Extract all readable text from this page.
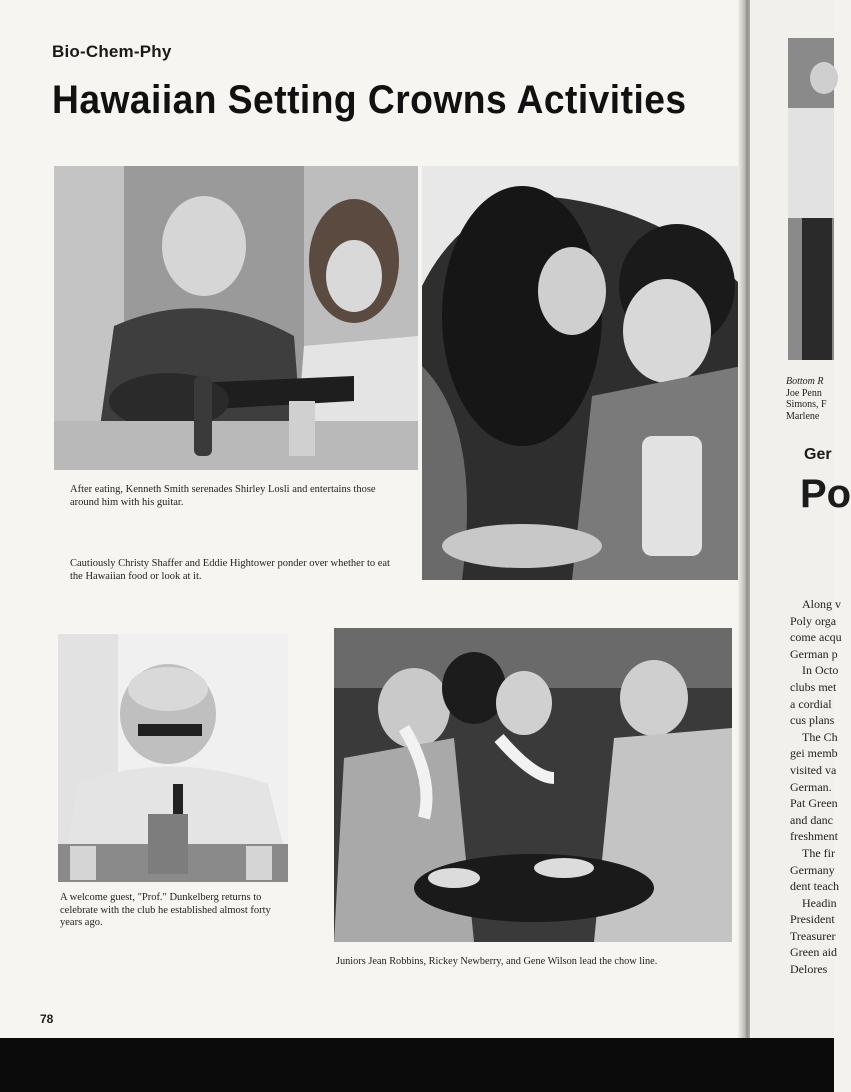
Bio-Chem-Phy
Hawaiian Setting Crowns Activities
After eating, Kenneth Smith serenades Shirley Losli and entertains those around him with his guitar.
Cautiously Christy Shaffer and Eddie Hightower ponder over whether to eat the Hawaiian food or look at it.
A welcome guest, "Prof." Dunkelberg returns to celebrate with the club he established almost forty years ago.
Juniors Jean Robbins, Rickey Newberry, and Gene Wilson lead the chow line.
78
Bottom R
Joe Penn
Simons, F
Marlene
Ger
Po
Along v
Poly orga
come acqu
German p
In Octo
clubs met
a cordial
cus plans
The Ch
gei memb
visited va
German.
Pat Green
and danc
freshment
The fir
Germany
dent teach
Headin
President
Treasurer
Green aid
Delores
